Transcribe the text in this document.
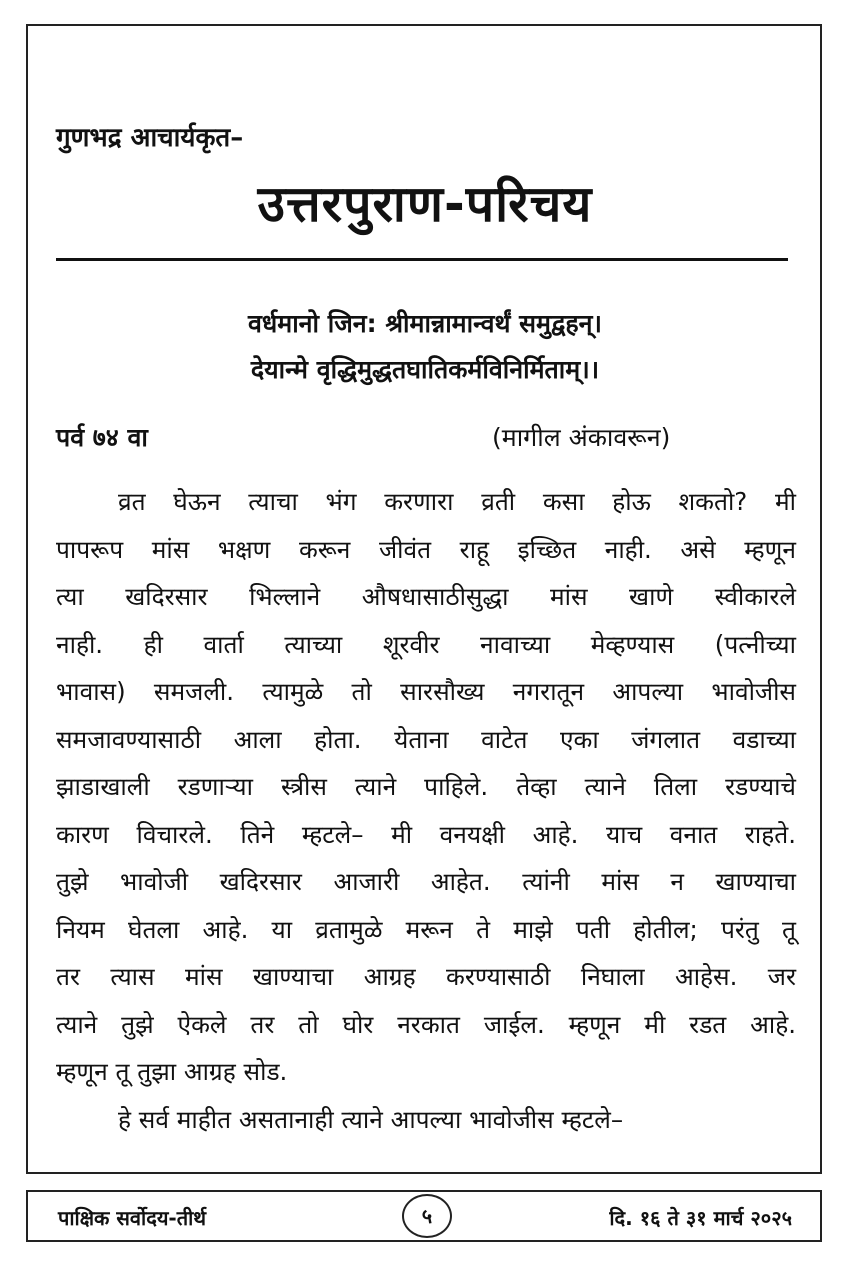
गुणभद्र आचार्यकृत–
उत्तरपुराण-परिचय
वर्धमानो जिन: श्रीमान्नामान्वर्थं समुद्वहन्।
देयान्मे वृद्धिमुद्धतघातिकर्मविनिर्मिताम्।।
पर्व ७४ वा	(मागील अंकावरून)
व्रत घेऊन त्याचा भंग करणारा व्रती कसा होऊ शकतो? मी
पापरूप मांस भक्षण करून जीवंत राहू इच्छित नाही. असे म्हणून
त्या खदिरसार भिल्लाने औषधासाठीसुद्धा मांस खाणे स्वीकारले
नाही. ही वार्ता त्याच्या शूरवीर नावाच्या मेव्हण्यास (पत्नीच्या
भावास) समजली. त्यामुळे तो सारसौख्य नगरातून आपल्या भावोजीस
समजावण्यासाठी आला होता. येताना वाटेत एका जंगलात वडाच्या
झाडाखाली रडणाऱ्या स्त्रीस त्याने पाहिले. तेव्हा त्याने तिला रडण्याचे
कारण विचारले. तिने म्हटले– मी वनयक्षी आहे. याच वनात राहते.
तुझे भावोजी खदिरसार आजारी आहेत. त्यांनी मांस न खाण्याचा
नियम घेतला आहे. या व्रतामुळे मरून ते माझे पती होतील; परंतु तू
तर त्यास मांस खाण्याचा आग्रह करण्यासाठी निघाला आहेस. जर
त्याने तुझे ऐकले तर तो घोर नरकात जाईल. म्हणून मी रडत आहे.
म्हणून तू तुझा आग्रह सोड.
हे सर्व माहीत असतानाही त्याने आपल्या भावोजीस म्हटले–
पाक्षिक सर्वोदय-तीर्थ	५	दि. १६ ते ३१ मार्च २०२५
